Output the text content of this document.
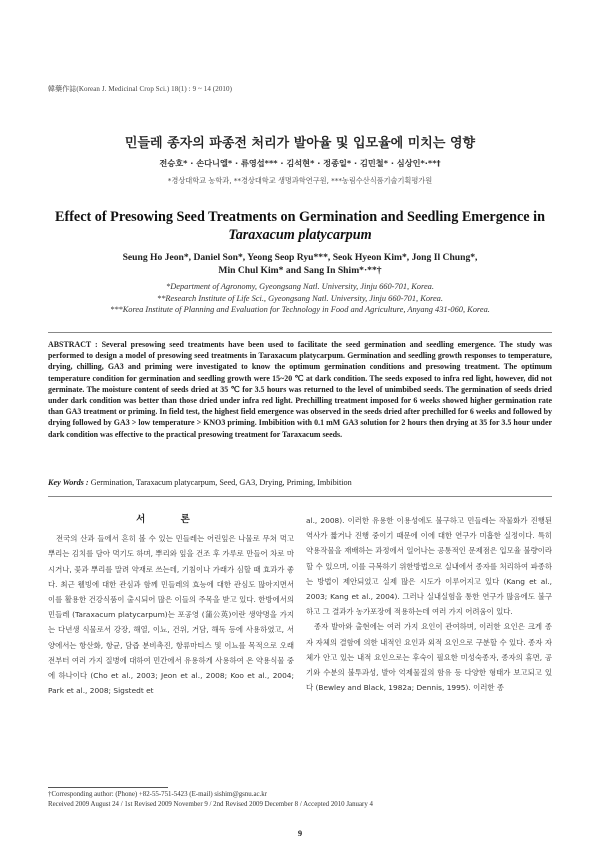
韓藥作誌(Korean J. Medicinal Crop Sci.) 18(1) : 9 ~ 14 (2010)
민들레 종자의 파종전 처리가 발아율 및 입모율에 미치는 영향
전승호* · 손다니엘* · 류영섭*** · 김석현* · 정종일* · 김민철* · 심상인*·**†
*경상대학교 농학과, **경상대학교 생명과학연구원, ***농림수산식품기술기획평가원
Effect of Presowing Seed Treatments on Germination and Seedling Emergence in Taraxacum platycarpum
Seung Ho Jeon*, Daniel Son*, Yeong Seop Ryu***, Seok Hyeon Kim*, Jong Il Chung*,
Min Chul Kim* and Sang In Shim*·**†
*Department of Agronomy, Gyeongsang Natl. University, Jinju 660-701, Korea.
**Research Institute of Life Sci., Gyeongsang Natl. University, Jinju 660-701, Korea.
***Korea Institute of Planning and Evaluation for Technology in Food and Agriculture, Anyang 431-060, Korea.
ABSTRACT : Several presowing seed treatments have been used to facilitate the seed germination and seedling emergence. The study was performed to design a model of presowing seed treatments in Taraxacum platycarpum. Germination and seedling growth responses to temperature, drying, chilling, GA3 and priming were investigated to know the optimum germination conditions and presowing treatment. The optimum temperature condition for germination and seedling growth were 15~20 ℃ at dark condition. The seeds exposed to infra red light, however, did not germinate. The moisture content of seeds dried at 35 ℃ for 3.5 hours was returned to the level of unimbibed seeds. The germination of seeds dried under dark condition was better than those dried under infra red light. Prechilling treatment imposed for 6 weeks showed higher germination rate than GA3 treatment or priming. In field test, the highest field emergence was observed in the seeds dried after prechilled for 6 weeks and followed by drying followed by GA3 > low temperature > KNO3 priming. Imbibition with 0.1 mM GA3 solution for 2 hours then drying at 35 for 3.5 hour under dark condition was effective to the practical presowing treatment for Taraxacum seeds.
Key Words : Germination, Taraxacum platycarpum, Seed, GA3, Drying, Priming, Imbibition
서 론

전국의 산과 들에서 흔히 볼 수 있는 민들레는 어린잎은 나물로 무쳐 먹고 뿌리는 김치를 담아 먹기도 하며, 뿌리와 잎을 건조 후 가루로 만들어 차로 마시거나, 꽃과 뿌리를 말려 약재로 쓰는데, 기침이나 가래가 심할 때 효과가 좋다. 최근 웰빙에 대한 관심과 함께 민들레의 효능에 대한 관심도 많아지면서 이를 활용한 건강식품이 출시되어 많은 이들의 주목을 받고 있다. 한방에서의 민들레 (Taraxacum platycarpum)는 포공영 (蒲公英)이란 생약명을 가지는 다년생 식물로서 강장, 해열, 이뇨, 건위, 거담, 해독 등에 사용하였고, 서양에서는 항산화, 항균, 담즙 분비촉진, 항류마티스 및 이뇨를 목적으로 오래전부터 여러 가지 질병에 대하여 민간에서 유용하게 사용하여 온 약용식물 중에 하나이다 (Cho et al., 2003; Jeon et al., 2008; Koo et al., 2004; Park et al., 2008; Sigstedt et

al., 2008). 이러한 유용한 이용성에도 불구하고 민들레는 작물화가 진행된 역사가 짧거나 진행 중이기 때문에 이에 대한 연구가 미흡한 실정이다. 특히 약용작물을 재배하는 과정에서 일어나는 공통적인 문제점은 입모율 불량이라 할 수 있으며, 이를 극복하기 위한방법으로 실내에서 종자를 처리하여 파종하는 방법이 제안되었고 실제 많은 시도가 이루어지고 있다 (Kang et al., 2003; Kang et al., 2004). 그러나 실내실험을 통한 연구가 많음에도 불구하고 그 결과가 농가포장에 적용하는데 여러 가지 어려움이 있다.

종자 발아와 출현에는 여러 가지 요인이 관여하며, 이러한 요인은 크게 종자 자체의 결함에 의한 내적인 요인과 외적 요인으로 구분할 수 있다. 종자 자체가 안고 있는 내적 요인으로는 후숙이 필요한 미성숙종자, 종자의 휴면, 공기와 수분의 불투과성, 발아 억제물질의 함유 등 다양한 형태가 보고되고 있다 (Bewley and Black, 1982a; Dennis, 1995). 이러한 종

†Corresponding author: (Phone) +82-55-751-5423 (E-mail) sishim@gsnu.ac.kr
Received 2009 August 24 / 1st Revised 2009 November 9 / 2nd Revised 2009 December 8 / Accepted 2010 January 4
9
